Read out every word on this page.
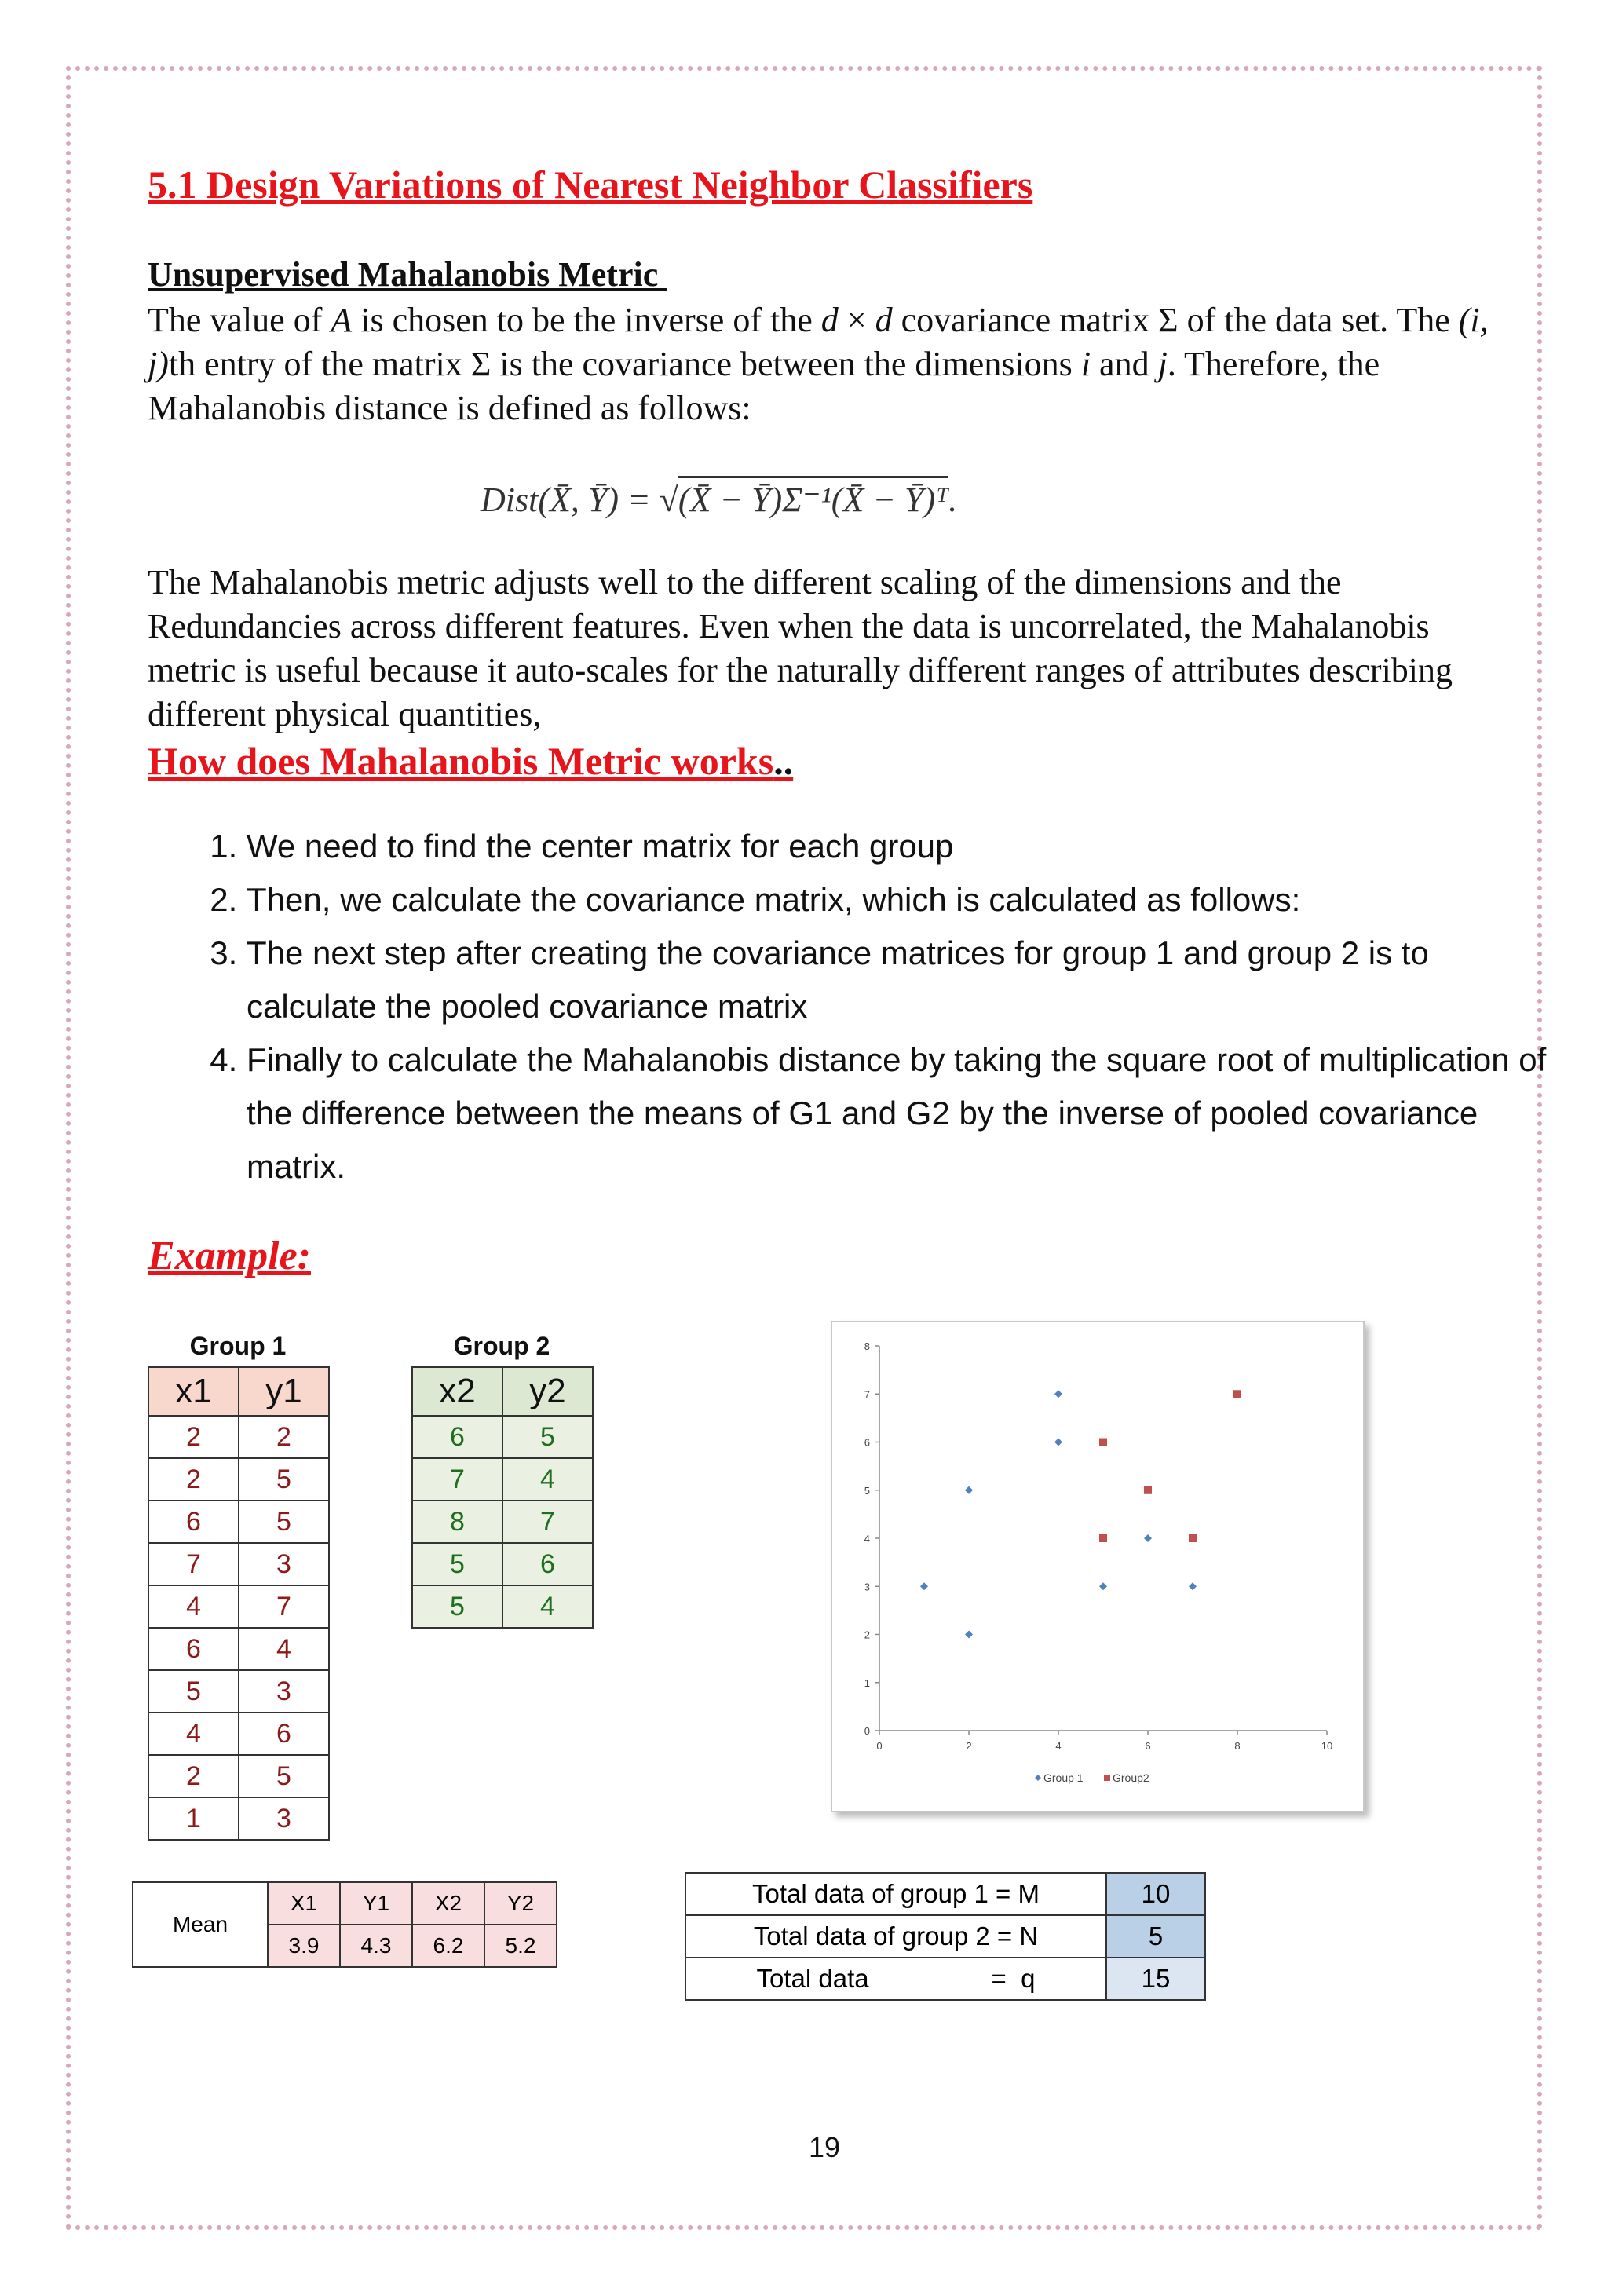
5.1 Design Variations of Nearest Neighbor Classifiers
Unsupervised Mahalanobis Metric
The value of A is chosen to be the inverse of the d × d covariance matrix Σ of the data set. The (i, j)th entry of the matrix Σ is the covariance between the dimensions i and j. Therefore, the Mahalanobis distance is defined as follows:
Dist(X̄, Ȳ) = √(X̄ − Ȳ)Σ⁻¹(X̄ − Ȳ)ᵀ.
The Mahalanobis metric adjusts well to the different scaling of the dimensions and the Redundancies across different features. Even when the data is uncorrelated, the Mahalanobis metric is useful because it auto-scales for the naturally different ranges of attributes describing different physical quantities,
How does Mahalanobis Metric works..
1. We need to find the center matrix for each group
2. Then, we calculate the covariance matrix, which is calculated as follows:
3. The next step after creating the covariance matrices for group 1 and group 2 is to calculate the pooled covariance matrix
4. Finally to calculate the Mahalanobis distance by taking the square root of multiplication of the difference between the means of G1 and G2 by the inverse of pooled covariance matrix.
Example:
Group 1
x1	y1
2	2
2	5
6	5
7	3
4	7
6	4
5	3
4	6
2	5
1	3
Group 2
x2	y2
6	5
7	4
8	7
5	6
5	4
0
1
2
3
4
5
6
7
8
0	2	4	6	8	10
Group 1	Group2
Mean	X1	Y1	X2	Y2
	3.9	4.3	6.2	5.2
Total data of group 1 = M	10
Total data of group 2 = N	5
Total data                 =  q	15
19
